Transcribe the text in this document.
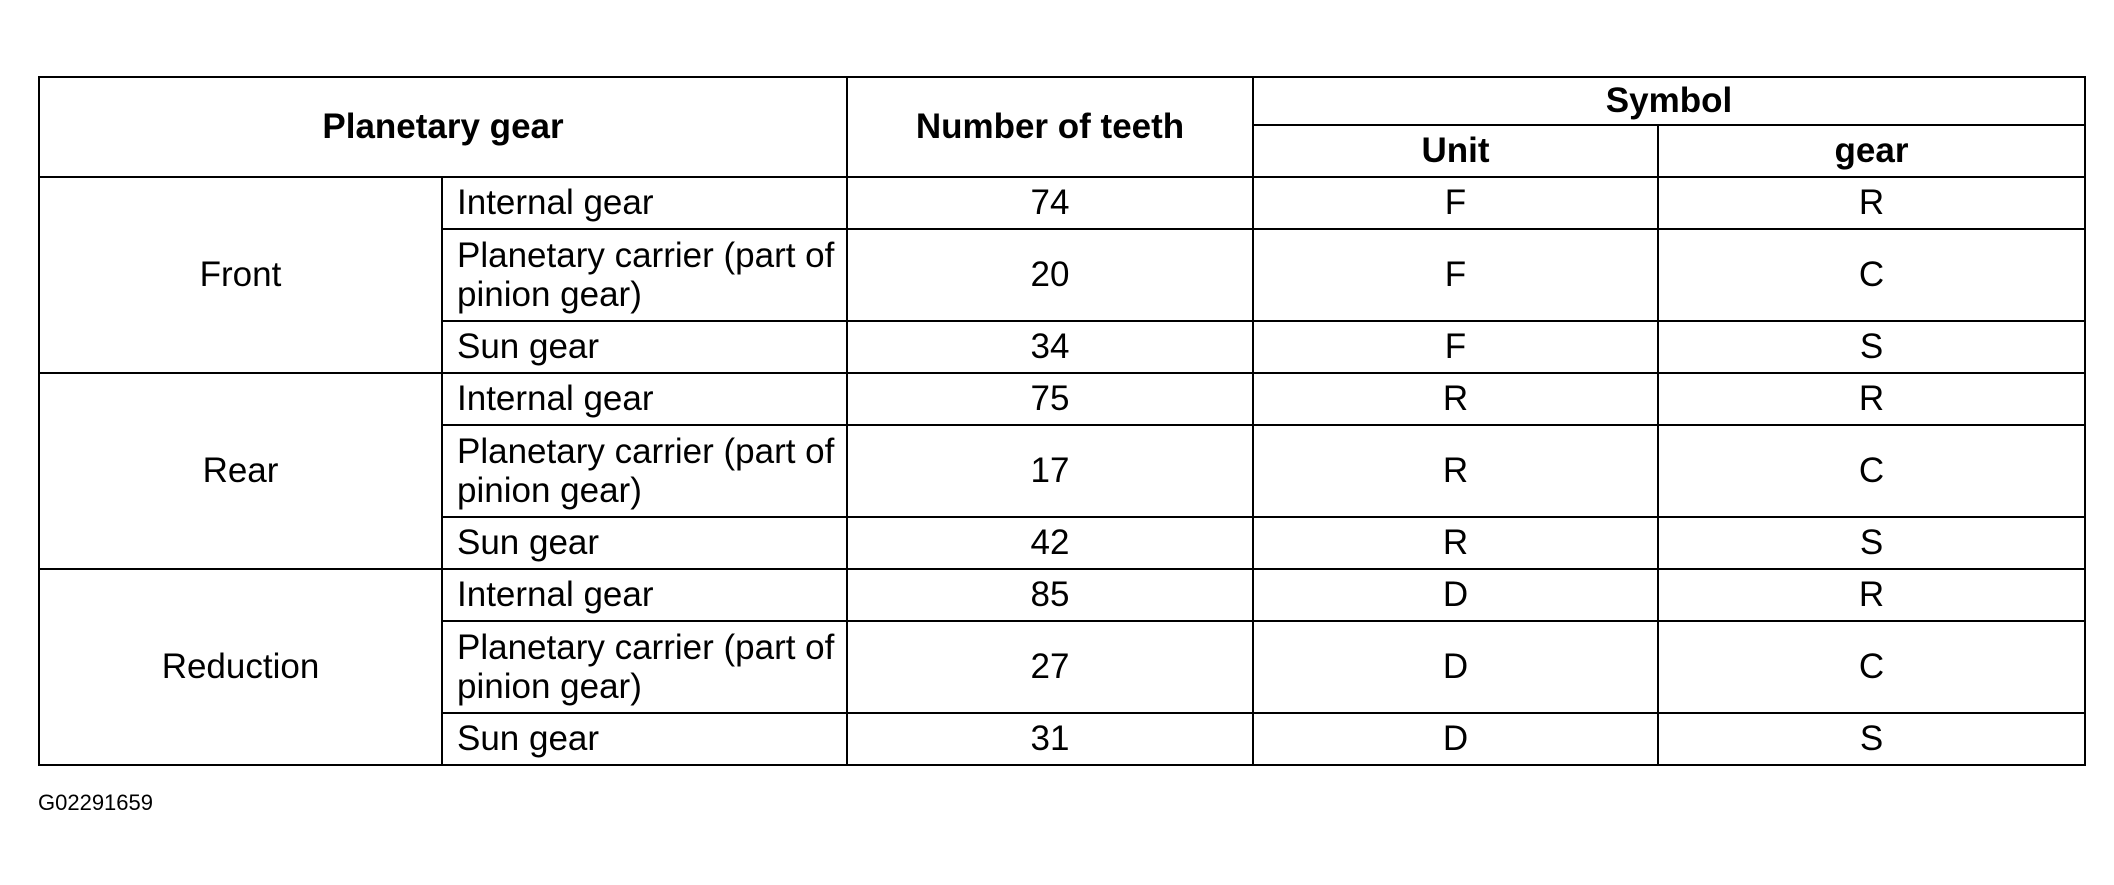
Planetary gear		Number of teeth	Symbol	
			Unit	gear
Front	Internal gear	74	F	R
	Planetary carrier (part of pinion gear)	20	F	C
	Sun gear	34	F	S
Rear	Internal gear	75	R	R
	Planetary carrier (part of pinion gear)	17	R	C
	Sun gear	42	R	S
Reduction	Internal gear	85	D	R
	Planetary carrier (part of pinion gear)	27	D	C
	Sun gear	31	D	S
G02291659
